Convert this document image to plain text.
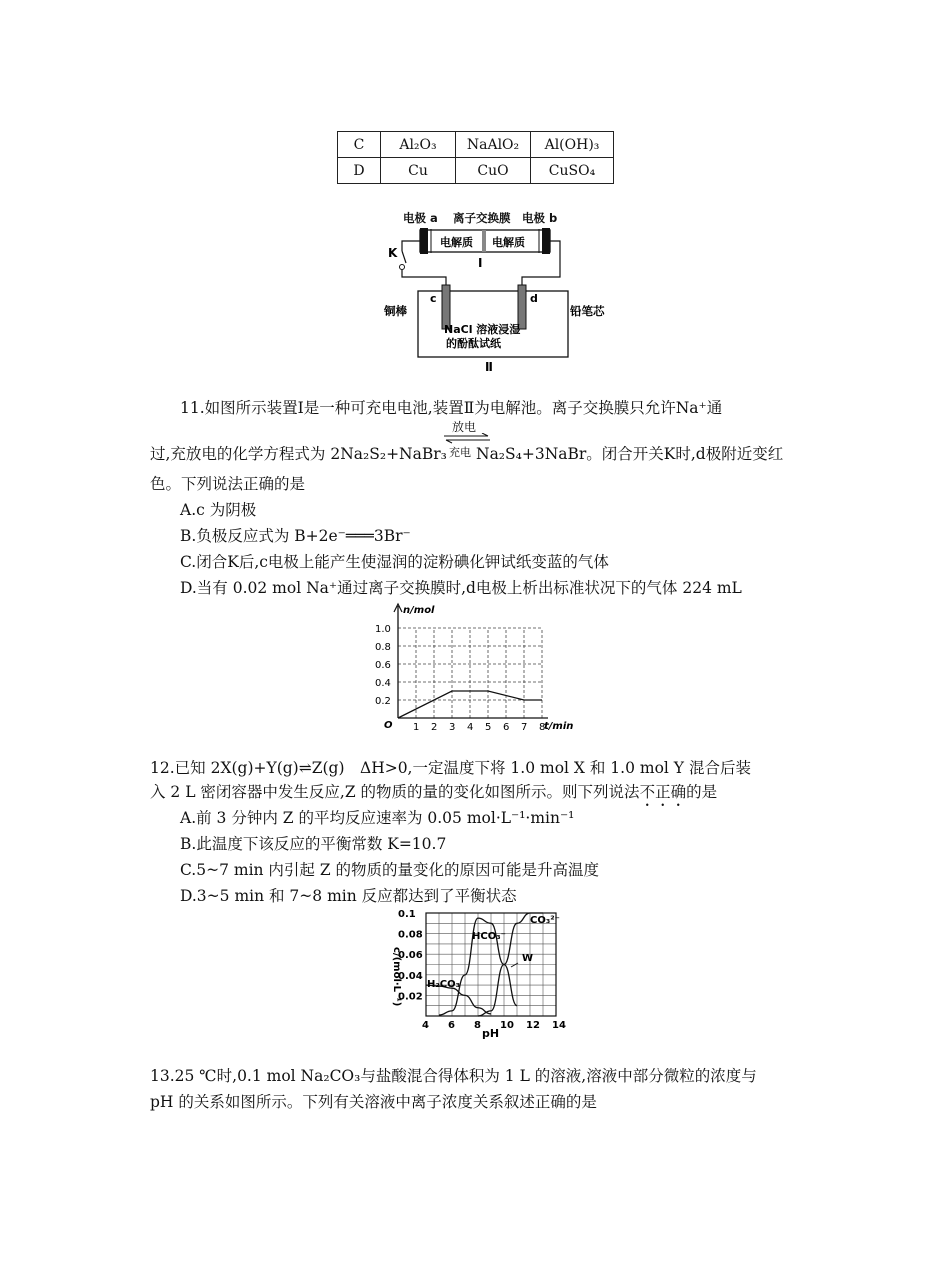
C	Al₂O₃	NaAlO₂	Al(OH)₃
D	Cu	CuO	CuSO₄
电极 a 离子交换膜 电极 b
电解质 电解质
Ⅰ
K
c	d
铜棒	铅笔芯
NaCl 溶液浸湿
的酚酞试纸
Ⅱ
11.如图所示装置Ⅰ是一种可充电电池,装置Ⅱ为电解池。离子交换膜只允许Na⁺通
放电
过,充放电的化学方程式为 2Na₂S₂+NaBr₃ 充电 Na₂S₄+3NaBr。闭合开关K时,d极附近变红
色。下列说法正确的是
A.c 为阴极
B.负极反应式为 B+2e⁻═══3Br⁻
C.闭合K后,c电极上能产生使湿润的淀粉碘化钾试纸变蓝的气体
D.当有 0.02 mol Na⁺通过离子交换膜时,d电极上析出标准状况下的气体 224 mL
1 2 3 4 5 6 7 8
0.2
0.4
0.6
0.8
1.0
n/mol
O	t/min
12.已知 2X(g)+Y(g)⇌Z(g)　ΔH>0,一定温度下将 1.0 mol X 和 1.0 mol Y 混合后装
入 2 L 密闭容器中发生反应,Z 的物质的量的变化如图所示。则下列说法不正确的是
A.前 3 分钟内 Z 的平均反应速率为 0.05 mol·L⁻¹·min⁻¹
B.此温度下该反应的平衡常数 K=10.7
C.5~7 min 内引起 Z 的物质的量变化的原因可能是升高温度
D.3~5 min 和 7~8 min 反应都达到了平衡状态
4 6 8 10 12 14
0.02
0.04
0.06
0.08
0.1
c/(mol·L⁻¹)
pH
HCO₃⁻
CO₃²⁻
H₂CO₃
W
13.25 ℃时,0.1 mol Na₂CO₃与盐酸混合得体积为 1 L 的溶液,溶液中部分微粒的浓度与
pH 的关系如图所示。下列有关溶液中离子浓度关系叙述正确的是
